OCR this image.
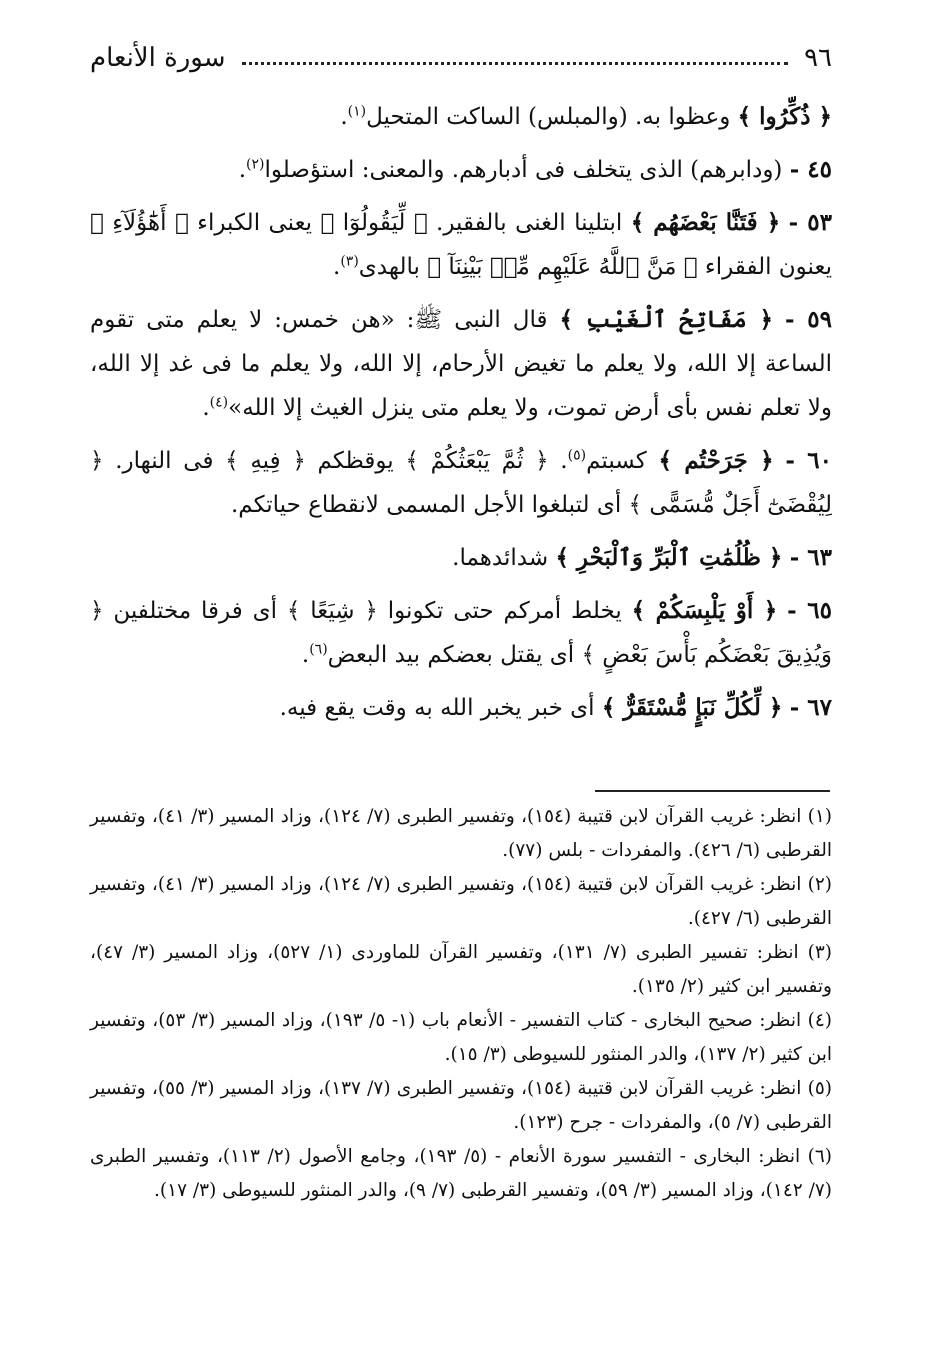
٩٦
سورة الأنعام

﴿ ذُكِّرُوا ﴾ وعظوا به. (والمبلس) الساكت المتحيل$^{(١)}$.

٤٥ - (ودابرهم) الذى يتخلف فى أدبارهم. والمعنى: استؤصلوا$^{(٢)}$.

٥٣ - ﴿ فَتَنَّا بَعْضَهُم ﴾ ابتلينا الغنى بالفقير. ﴿ لِّيَقُولُوٓا ﴾ يعنى الكبراء ﴿ أَهَٰٓؤُلَآءِ ﴾ يعنون الفقراء ﴿ مَنَّ ٱللَّهُ عَلَيْهِم مِّنۢ بَيْنِنَآ ﴾ بالهدى$^{(٣)}$.

٥٩ - ﴿ مَفَاتِحُ ٱلْغَيْبِ ﴾ قال النبى ﷺ: «هن خمس: لا يعلم متى تقوم الساعة إلا الله، ولا يعلم ما تغيض الأرحام، إلا الله، ولا يعلم ما فى غد إلا الله، ولا تعلم نفس بأى أرض تموت، ولا يعلم متى ينزل الغيث إلا الله»$^{(٤)}$.

٦٠ - ﴿ جَرَحْتُم ﴾ كسبتم$^{(٥)}$. ﴿ ثُمَّ يَبْعَثُكُمْ ﴾ يوقظكم ﴿ فِيهِ ﴾ فى النهار. ﴿ لِيُقْضَىٰٓ أَجَلٌ مُّسَمًّى ﴾ أى لتبلغوا الأجل المسمى لانقطاع حياتكم.

٦٣ - ﴿ ظُلُمَٰتِ ٱلْبَرِّ وَٱلْبَحْرِ ﴾ شدائدهما.

٦٥ - ﴿ أَوْ يَلْبِسَكُمْ ﴾ يخلط أمركم حتى تكونوا ﴿ شِيَعًا ﴾ أى فرقا مختلفين ﴿ وَيُذِيقَ بَعْضَكُم بَأْسَ بَعْضٍ ﴾ أى يقتل بعضكم بيد البعض$^{(٦)}$.

٦٧ - ﴿ لِّكُلِّ نَبَإٍ مُّسْتَقَرٌّ ﴾ أى خبر يخبر الله به وقت يقع فيه.

(١) انظر: غريب القرآن لابن قتيبة (١٥٤)، وتفسير الطبرى (٧/ ١٢٤)، وزاد المسير (٣/ ٤١)، وتفسير القرطبى (٦/ ٤٢٦). والمفردات - بلس (٧٧).

(٢) انظر: غريب القرآن لابن قتيبة (١٥٤)، وتفسير الطبرى (٧/ ١٢٤)، وزاد المسير (٣/ ٤١)، وتفسير القرطبى (٦/ ٤٢٧).

(٣) انظر: تفسير الطبرى (٧/ ١٣١)، وتفسير القرآن للماوردى (١/ ٥٢٧)، وزاد المسير (٣/ ٤٧)، وتفسير ابن كثير (٢/ ١٣٥).

(٤) انظر: صحيح البخارى - كتاب التفسير - الأنعام باب (١- ٥/ ١٩٣)، وزاد المسير (٣/ ٥٣)، وتفسير ابن كثير (٢/ ١٣٧)، والدر المنثور للسيوطى (٣/ ١٥).

(٥) انظر: غريب القرآن لابن قتيبة (١٥٤)، وتفسير الطبرى (٧/ ١٣٧)، وزاد المسير (٣/ ٥٥)، وتفسير القرطبى (٧/ ٥)، والمفردات - جرح (١٢٣).

(٦) انظر: البخارى - التفسير سورة الأنعام - (٥/ ١٩٣)، وجامع الأصول (٢/ ١١٣)، وتفسير الطبرى (٧/ ١٤٢)، وزاد المسير (٣/ ٥٩)، وتفسير القرطبى (٧/ ٩)، والدر المنثور للسيوطى (٣/ ١٧).
